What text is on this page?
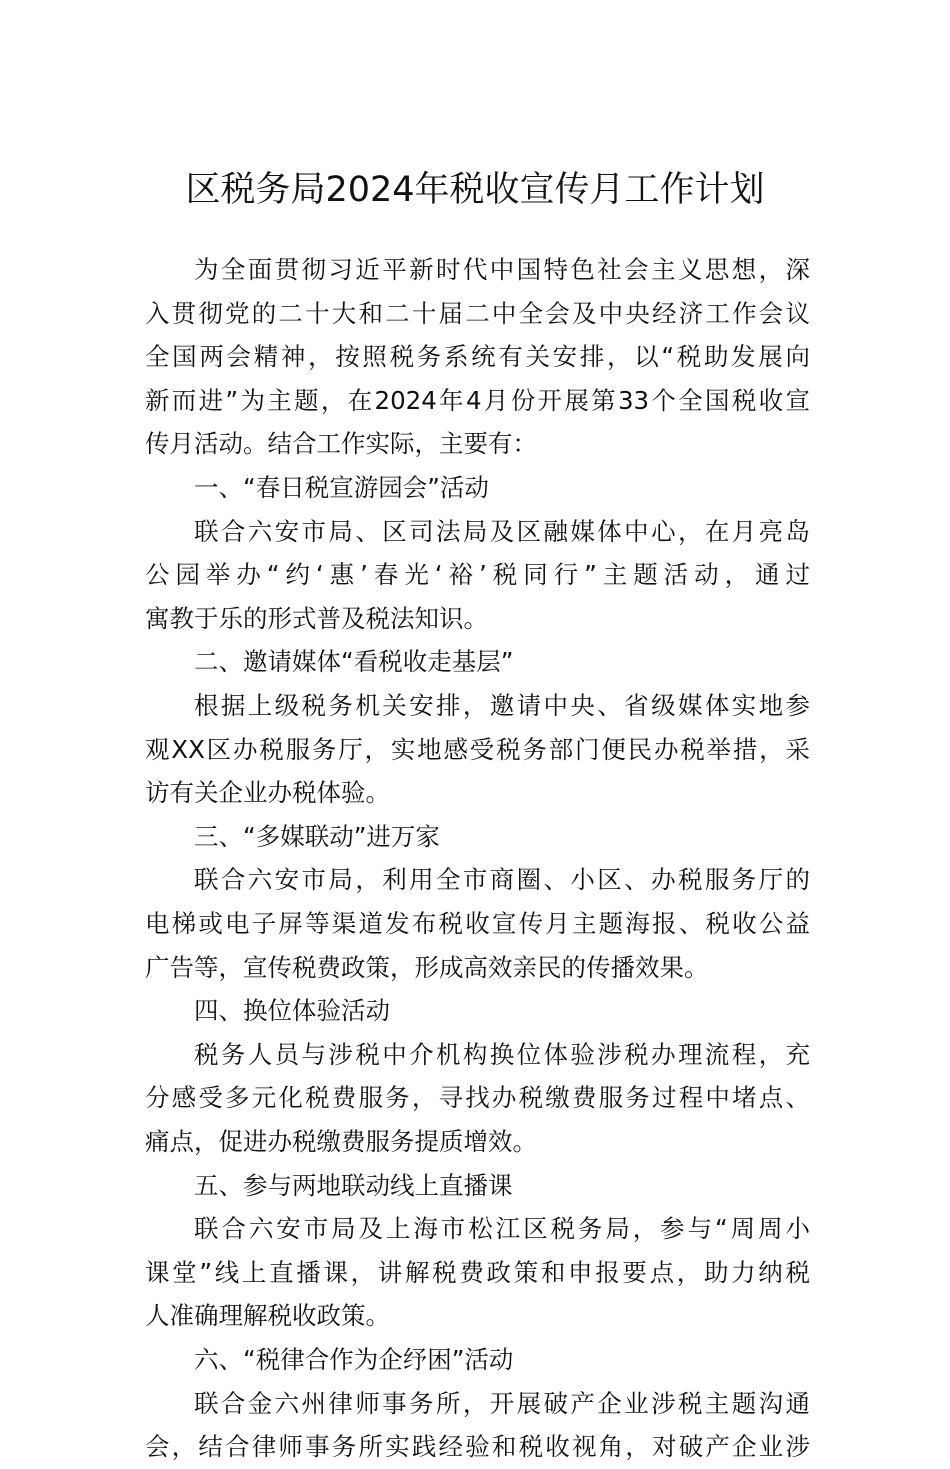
区税务局2024年税收宣传月工作计划
为全面贯彻习近平新时代中国特色社会主义思想，深
入贯彻党的二十大和二十届二中全会及中央经济工作会议
全国两会精神，按照税务系统有关安排，以“税助发展向
新而进”为主题，在2024年4月份开展第33个全国税收宣
传月活动。结合工作实际，主要有：
一、“春日税宣游园会”活动
联合六安市局、区司法局及区融媒体中心，在月亮岛
公园举办“约‘惠’春光‘裕’税同行”主题活动，通过
寓教于乐的形式普及税法知识。
二、邀请媒体“看税收走基层”
根据上级税务机关安排，邀请中央、省级媒体实地参
观XX区办税服务厅，实地感受税务部门便民办税举措，采
访有关企业办税体验。
三、“多媒联动”进万家
联合六安市局，利用全市商圈、小区、办税服务厅的
电梯或电子屏等渠道发布税收宣传月主题海报、税收公益
广告等，宣传税费政策，形成高效亲民的传播效果。
四、换位体验活动
税务人员与涉税中介机构换位体验涉税办理流程，充
分感受多元化税费服务，寻找办税缴费服务过程中堵点、
痛点，促进办税缴费服务提质增效。
五、参与两地联动线上直播课
联合六安市局及上海市松江区税务局，参与“周周小
课堂”线上直播课，讲解税费政策和申报要点，助力纳税
人准确理解税收政策。
六、“税律合作为企纾困”活动
联合金六州律师事务所，开展破产企业涉税主题沟通
会，结合律师事务所实践经验和税收视角，对破产企业涉
